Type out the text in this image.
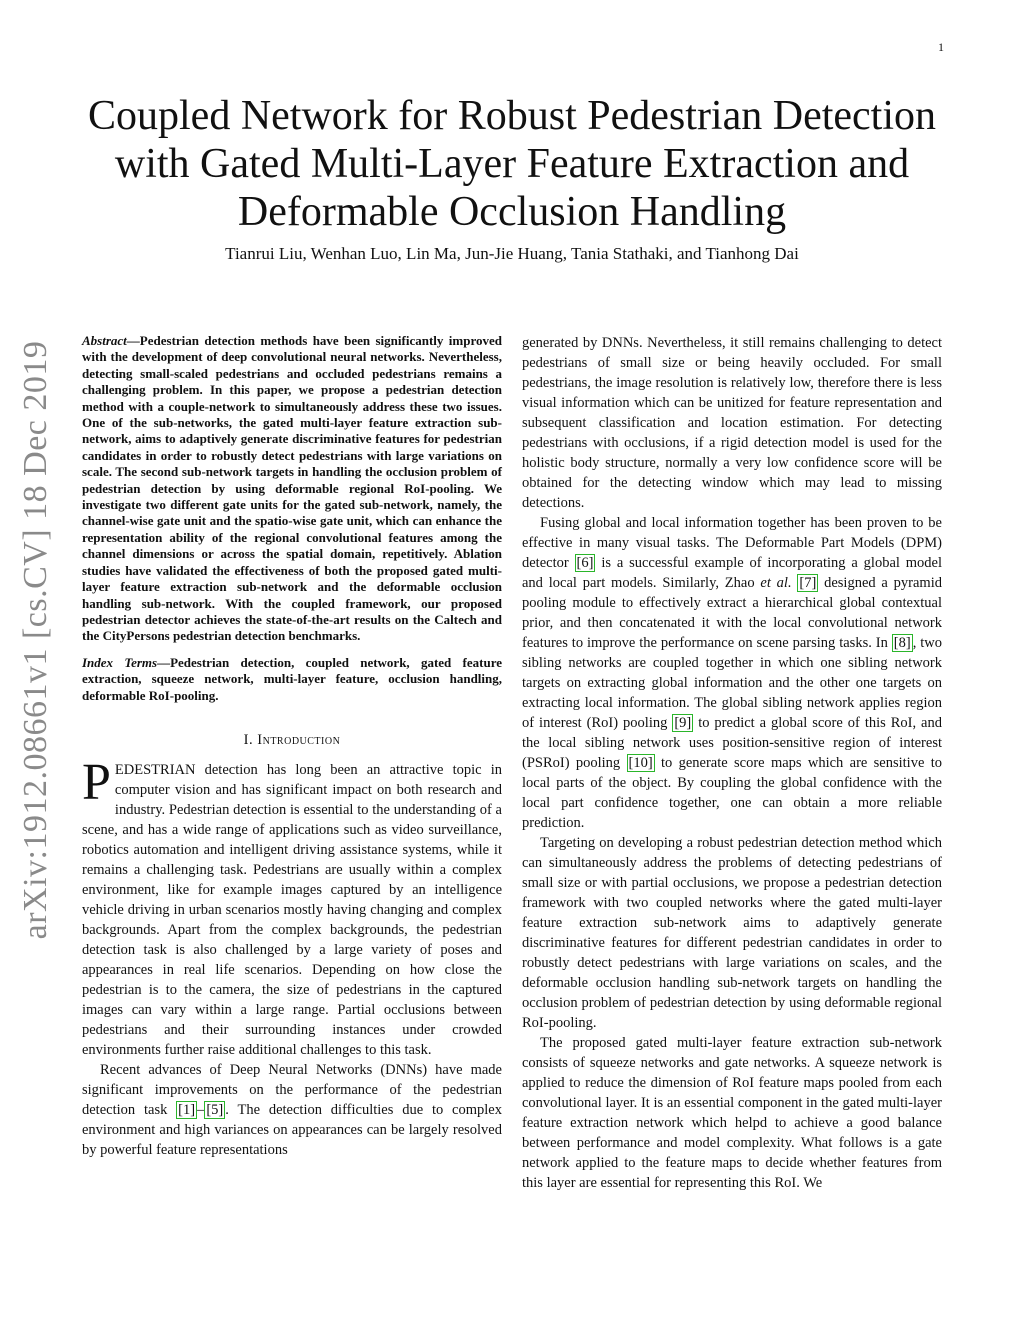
1
arXiv:1912.08661v1 [cs.CV] 18 Dec 2019
Coupled Network for Robust Pedestrian Detection with Gated Multi-Layer Feature Extraction and Deformable Occlusion Handling
Tianrui Liu, Wenhan Luo, Lin Ma, Jun-Jie Huang, Tania Stathaki, and Tianhong Dai

Abstract—Pedestrian detection methods have been significantly improved with the development of deep convolutional neural networks. Nevertheless, detecting small-scaled pedestrians and occluded pedestrians remains a challenging problem. In this paper, we propose a pedestrian detection method with a couple-network to simultaneously address these two issues. One of the sub-networks, the gated multi-layer feature extraction sub-network, aims to adaptively generate discriminative features for pedestrian candidates in order to robustly detect pedestrians with large variations on scale. The second sub-network targets in handling the occlusion problem of pedestrian detection by using deformable regional RoI-pooling. We investigate two different gate units for the gated sub-network, namely, the channel-wise gate unit and the spatio-wise gate unit, which can enhance the representation ability of the regional convolutional features among the channel dimensions or across the spatial domain, repetitively. Ablation studies have validated the effectiveness of both the proposed gated multi-layer feature extraction sub-network and the deformable occlusion handling sub-network. With the coupled framework, our proposed pedestrian detector achieves the state-of-the-art results on the Caltech and the CityPersons pedestrian detection benchmarks.

Index Terms—Pedestrian detection, coupled network, gated feature extraction, squeeze network, multi-layer feature, occlusion handling, deformable RoI-pooling.

I. Introduction

PEDESTRIAN detection has long been an attractive topic in computer vision and has significant impact on both research and industry. Pedestrian detection is essential to the understanding of a scene, and has a wide range of applications such as video surveillance, robotics automation and intelligent driving assistance systems, while it remains a challenging task. Pedestrians are usually within a complex environment, like for example images captured by an intelligence vehicle driving in urban scenarios mostly having changing and complex backgrounds. Apart from the complex backgrounds, the pedestrian detection task is also challenged by a large variety of poses and appearances in real life scenarios. Depending on how close the pedestrian is to the camera, the size of pedestrians in the captured images can vary within a large range. Partial occlusions between pedestrians and their surrounding instances under crowded environments further raise additional challenges to this task.

Recent advances of Deep Neural Networks (DNNs) have made significant improvements on the performance of the pedestrian detection task [1] – [5] . The detection difficulties due to complex environment and high variances on appearances can be largely resolved by powerful feature representations

generated by DNNs. Nevertheless, it still remains challenging to detect pedestrians of small size or being heavily occluded. For small pedestrians, the image resolution is relatively low, therefore there is less visual information which can be unitized for feature representation and subsequent classification and location estimation. For detecting pedestrians with occlusions, if a rigid detection model is used for the holistic body structure, normally a very low confidence score will be obtained for the detecting window which may lead to missing detections.

Fusing global and local information together has been proven to be effective in many visual tasks. The Deformable Part Models (DPM) detector [6] is a successful example of incorporating a global model and local part models. Similarly, Zhao et al. [7] designed a pyramid pooling module to effectively extract a hierarchical global contextual prior, and then concatenated it with the local convolutional network features to improve the performance on scene parsing tasks. In [8] , two sibling networks are coupled together in which one sibling network targets on extracting global information and the other one targets on extracting local information. The global sibling network applies region of interest (RoI) pooling [9] to predict a global score of this RoI, and the local sibling network uses position-sensitive region of interest (PSRoI) pooling [10] to generate score maps which are sensitive to local parts of the object. By coupling the global confidence with the local part confidence together, one can obtain a more reliable prediction.

Targeting on developing a robust pedestrian detection method which can simultaneously address the problems of detecting pedestrians of small size or with partial occlusions, we propose a pedestrian detection framework with two coupled networks where the gated multi-layer feature extraction sub-network aims to adaptively generate discriminative features for different pedestrian candidates in order to robustly detect pedestrians with large variations on scales, and the deformable occlusion handling sub-network targets on handling the occlusion problem of pedestrian detection by using deformable regional RoI-pooling.

The proposed gated multi-layer feature extraction sub-network consists of squeeze networks and gate networks. A squeeze network is applied to reduce the dimension of RoI feature maps pooled from each convolutional layer. It is an essential component in the gated multi-layer feature extraction network which helpd to achieve a good balance between performance and model complexity. What follows is a gate network applied to the feature maps to decide whether features from this layer are essential for representing this RoI. We
